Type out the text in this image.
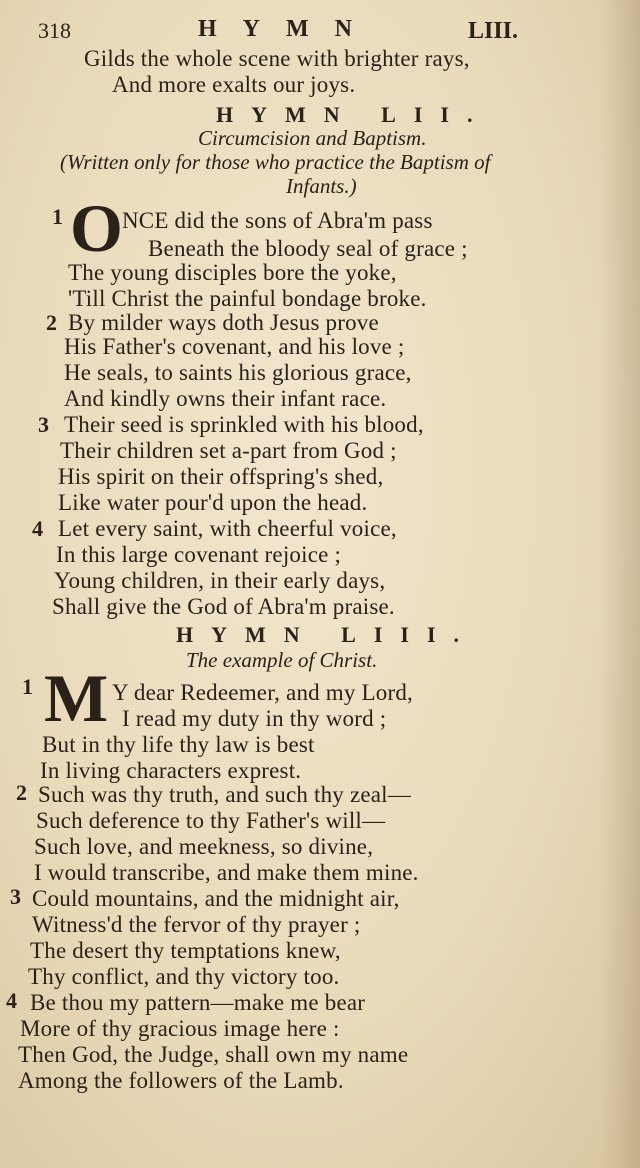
318	HYMN	LIII.
Gilds the whole scene with brighter rays,
And more exalts our joys.
HYMN LII.
Circumcision and Baptism.
(Written only for those who practice the Baptism of
Infants.)
1 O NCE did the sons of Abra'm pass
Beneath the bloody seal of grace ;
The young disciples bore the yoke,
'Till Christ the painful bondage broke.
2 By milder ways doth Jesus prove
His Father's covenant, and his love ;
He seals, to saints his glorious grace,
And kindly owns their infant race.
3 Their seed is sprinkled with his blood,
Their children set a-part from God ;
His spirit on their offspring's shed,
Like water pour'd upon the head.
4 Let every saint, with cheerful voice,
In this large covenant rejoice ;
Young children, in their early days,
Shall give the God of Abra'm praise.
HYMN LIII.
The example of Christ.
1 M Y dear Redeemer, and my Lord,
I read my duty in thy word ;
But in thy life thy law is best
In living characters exprest.
2 Such was thy truth, and such thy zeal—
Such deference to thy Father's will—
Such love, and meekness, so divine,
I would transcribe, and make them mine.
3 Could mountains, and the midnight air,
Witness'd the fervor of thy prayer ;
The desert thy temptations knew,
Thy conflict, and thy victory too.
4 Be thou my pattern—make me bear
More of thy gracious image here :
Then God, the Judge, shall own my name
Among the followers of the Lamb.
